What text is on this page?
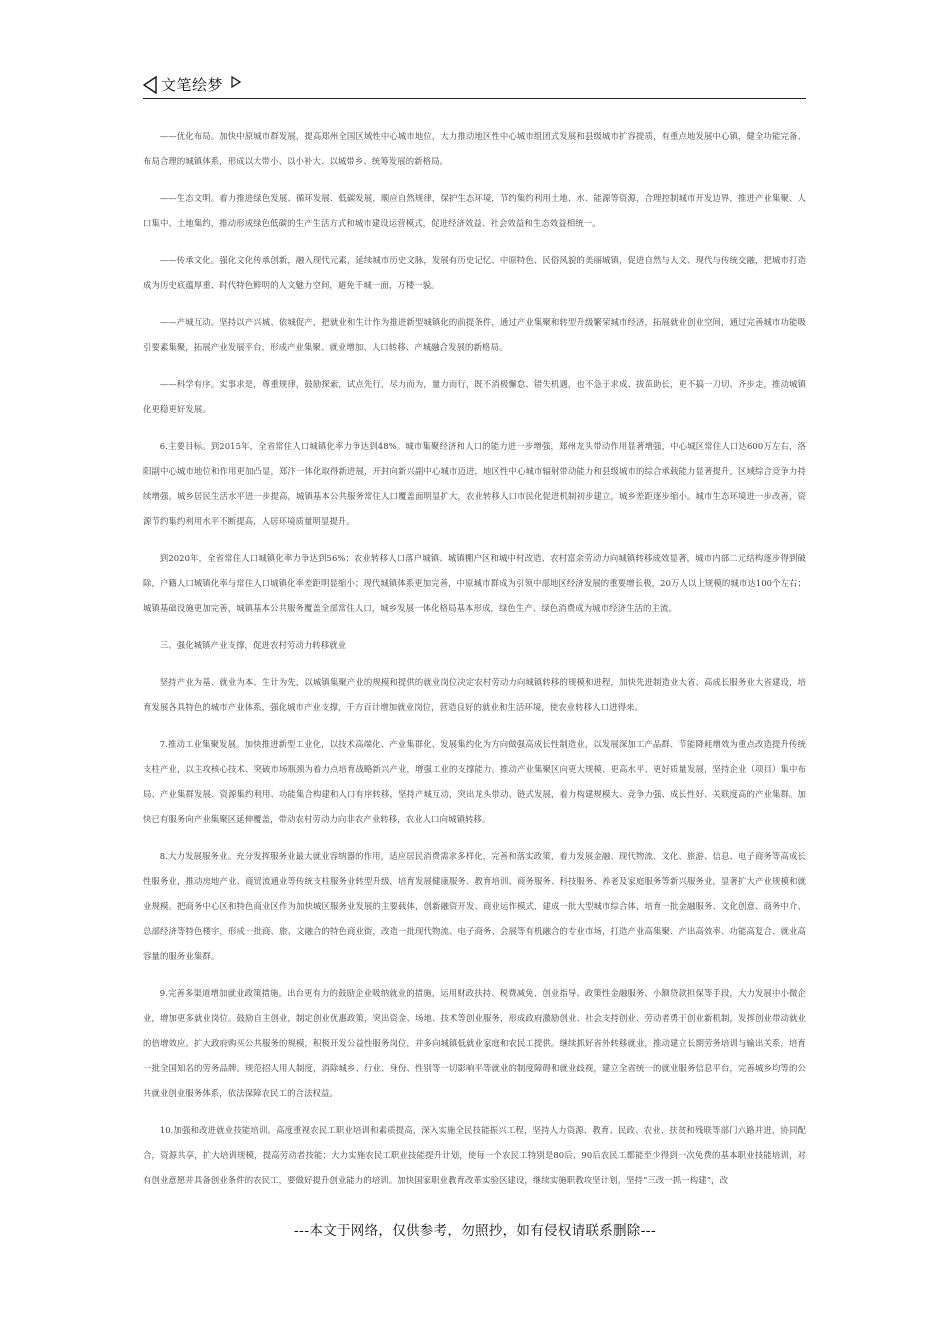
文笔绘梦

——优化布局。加快中原城市群发展，提高郑州全国区域性中心城市地位，大力推动地区性中心城市组团式发展和县级城市扩容提质，有重点地发展中心镇，健全功能完备、布局合理的城镇体系，形成以大带小、以小补大、以城带乡、统筹发展的新格局。

——生态文明。着力推进绿色发展、循环发展、低碳发展，顺应自然规律，保护生态环境，节约集约利用土地、水、能源等资源，合理控制城市开发边界，推进产业集聚、人口集中、土地集约，推动形成绿色低碳的生产生活方式和城市建设运营模式，促进经济效益、社会效益和生态效益相统一。

——传承文化。强化文化传承创新，融入现代元素，延续城市历史文脉，发展有历史记忆、中原特色、民俗风貌的美丽城镇，促进自然与人文、现代与传统交融，把城市打造成为历史底蕴厚重、时代特色鲜明的人文魅力空间，避免千城一面，万楼一貌。

——产城互动。坚持以产兴城、依城促产，把就业和生计作为推进新型城镇化的前提条件，通过产业集聚和转型升级繁荣城市经济，拓展就业创业空间，通过完善城市功能吸引要素集聚，拓展产业发展平台，形成产业集聚、就业增加、人口转移、产城融合发展的新格局。

——科学有序。实事求是，尊重规律，鼓励探索，试点先行，尽力而为，量力而行，既不消极懈怠、错失机遇，也不急于求成、拔苗助长，更不搞一刀切、齐步走，推动城镇化更稳更好发展。

6.主要目标。到2015年，全省常住人口城镇化率力争达到48%。城市集聚经济和人口的能力进一步增强，郑州龙头带动作用显著增强，中心城区常住人口达600万左右，洛阳副中心城市地位和作用更加凸显，郑汴一体化取得新进展，开封向新兴副中心城市迈进，地区性中心城市辐射带动能力和县级城市的综合承载能力显著提升，区域综合竞争力持续增强。城乡居民生活水平进一步提高，城镇基本公共服务常住人口覆盖面明显扩大，农业转移人口市民化促进机制初步建立，城乡差距逐步缩小。城市生态环境进一步改善，资源节约集约利用水平不断提高，人居环境质量明显提升。

到2020年，全省常住人口城镇化率力争达到56%；农业转移人口落户城镇、城镇棚户区和城中村改造、农村富余劳动力向城镇转移成效显著，城市内部二元结构逐步得到破除，户籍人口城镇化率与常住人口城镇化率差距明显缩小；现代城镇体系更加完善，中原城市群成为引领中部地区经济发展的重要增长极，20万人以上规模的城市达100个左右；城镇基础设施更加完善，城镇基本公共服务覆盖全部常住人口，城乡发展一体化格局基本形成，绿色生产、绿色消费成为城市经济生活的主流。

三、强化城镇产业支撑，促进农村劳动力转移就业

坚持产业为基、就业为本、生计为先，以城镇集聚产业的规模和提供的就业岗位决定农村劳动力向城镇转移的规模和进程，加快先进制造业大省、高成长服务业大省建设，培育发展各具特色的城市产业体系，强化城市产业支撑，千方百计增加就业岗位，营造良好的就业和生活环境，使农业转移人口进得来。

7.推动工业集聚发展。加快推进新型工业化，以技术高端化、产业集群化、发展集约化为方向做强高成长性制造业，以发展深加工产品群、节能降耗增效为重点改造提升传统支柱产业，以主攻核心技术、突破市场瓶颈为着力点培育战略新兴产业，增强工业的支撑能力。推动产业集聚区向更大规模、更高水平、更好质量发展，坚持企业（项目）集中布局、产业集群发展、资源集约利用、功能集合构建和人口有序转移，坚持产城互动，突出龙头带动、链式发展，着力构建规模大、竞争力强、成长性好、关联度高的产业集群。加快已有服务向产业集聚区延伸覆盖，带动农村劳动力向非农产业转移，农业人口向城镇转移。

8.大力发展服务业。充分发挥服务业最大就业容纳器的作用，适应居民消费需求多样化，完善和落实政策，着力发展金融、现代物流、文化、旅游、信息、电子商务等高成长性服务业，推动房地产业、商贸流通业等传统支柱服务业转型升级，培育发展健康服务、教育培训、商务服务、科技服务、养老及家庭服务等新兴服务业，显著扩大产业规模和就业规模。把商务中心区和特色商业区作为加快城区服务业发展的主要载体，创新融资开发、商业运作模式，建成一批大型城市综合体，培育一批金融服务、文化创意、商务中介、总部经济等特色楼宇，形成一批商、旅、文融合的特色商业街，改造一批现代物流、电子商务、会展等有机融合的专业市场，打造产业高集聚、产出高效率、功能高复合、就业高容量的服务业集群。

9.完善多渠道增加就业政策措施。出台更有力的鼓励企业吸纳就业的措施，运用财政扶持、税费减免、创业指导、政策性金融服务、小额贷款担保等手段，大力发展中小微企业，增加更多就业岗位。鼓励自主创业，制定创业优惠政策，突出资金、场地、技术等创业服务，形成政府激励创业、社会支持创业、劳动者勇于创业新机制，发挥创业带动就业的倍增效应。扩大政府购买公共服务的规模，积极开发公益性服务岗位，并多向城镇低就业家庭和农民工提供。继续抓好省外转移就业，推动建立长期劳务培训与输出关系，培育一批全国知名的劳务品牌。规范招人用人制度，消除城乡、行业、身份、性别等一切影响平等就业的制度障碍和就业歧视，建立全省统一的就业服务信息平台，完善城乡均等的公共就业创业服务体系，依法保障农民工的合法权益。

10.加强和改进就业技能培训。高度重视农民工职业培训和素质提高，深入实施全民技能振兴工程，坚持人力资源、教育、民政、农业、扶贫和残联等部门六路并进，协同配合，资源共享，扩大培训规模，提高劳动者技能；大力实施农民工职业技能提升计划，使每一个农民工特别是80后、90后农民工都能至少得到一次免费的基本职业技能培训，对有创业意愿并具备创业条件的农民工，要做好提升创业能力的培训。加快国家职业教育改革实验区建设，继续实施职教攻坚计划，坚持“三改一抓一构建”，改

---本文于网络，仅供参考，勿照抄，如有侵权请联系删除---
